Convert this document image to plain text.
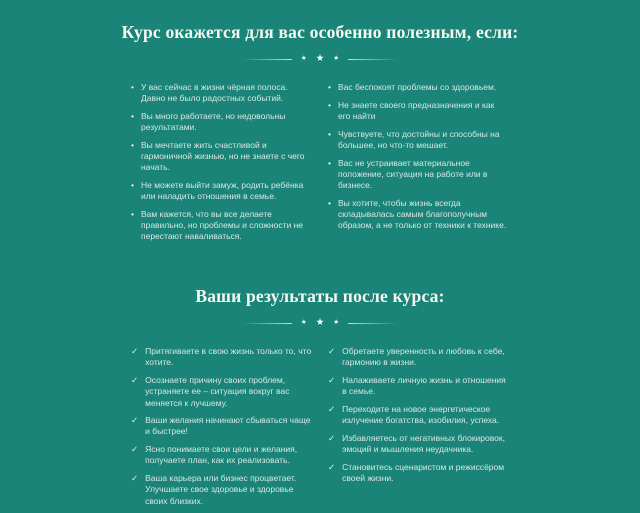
Курс окажется для вас особенно полезным, если:
★ ★ ★
• У вас сейчас в жизни чёрная полоса. Давно не было радостных событий.
• Вы много работаете, но недовольны результатами.
• Вы мечтаете жить счастливой и гармоничной жизнью, но не знаете с чего начать.
• Не можете выйти замуж, родить ребёнка или наладить отношения в семье.
• Вам кажется, что вы все делаете правильно, но проблемы и сложности не перестают наваливаться.
• Вас беспокоят проблемы со здоровьем.
• Не знаете своего предназначения и как его найти
• Чувствуете, что достойны и способны на большее, но что-то мешает.
• Вас не устраивает материальное положение, ситуация на работе или в бизнесе.
• Вы хотите, чтобы жизнь всегда складывалась самым благополучным образом, а не только от техники к технике.
Ваши результаты после курса:
★ ★ ★
✓ Притягиваете в свою жизнь только то, что хотите.
✓ Осознаете причину своих проблем, устраняете ее – ситуация вокруг вас меняется к лучшему.
✓ Ваши желания начинают сбываться чаще и быстрее!
✓ Ясно понимаете свои цели и желания, получаете план, как их реализовать.
✓ Ваша карьера или бизнес процветает. Улучшаете свое здоровье и здоровье своих близких.
✓ Обретаете уверенность и любовь к себе, гармонию в жизни.
✓ Налаживаете личную жизнь и отношения в семье.
✓ Переходите на новое энергетическое излучение богатства, изобилия, успеха.
✓ Избавляетесь от негативных блокировок, эмоций и мышления неудачника.
✓ Становитесь сценаристом и режиссёром своей жизни.
